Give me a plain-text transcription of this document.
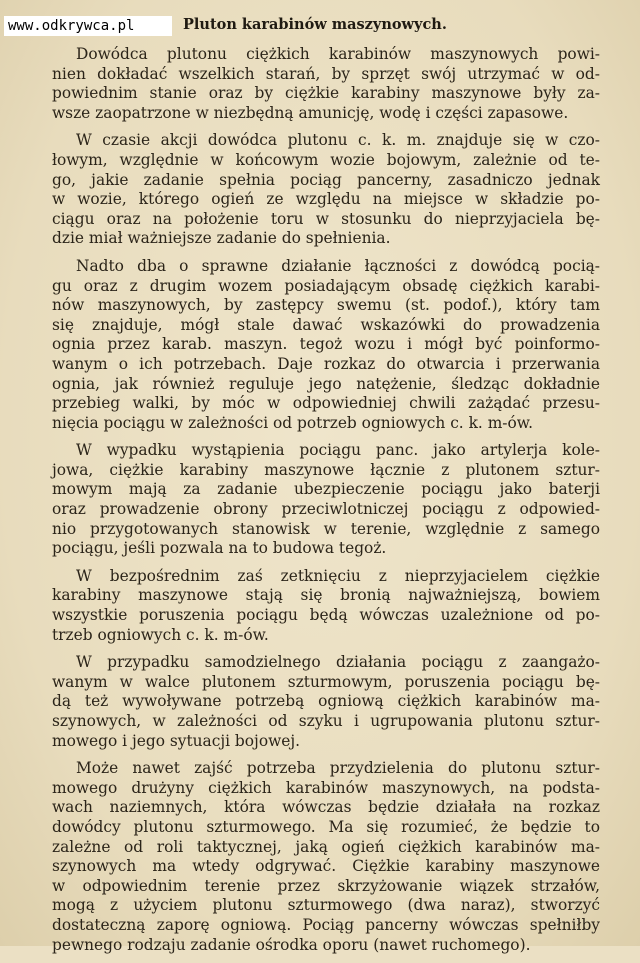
www.odkrywca.pl	Pluton karabinów maszynowych.
Dowódca plutonu ciężkich karabinów maszynowych powi-
nien dokładać wszelkich starań, by sprzęt swój utrzymać w od-
powiednim stanie oraz by ciężkie karabiny maszynowe były za-
wsze zaopatrzone w niezbędną amunicję, wodę i części zapasowe.
W czasie akcji dowódca plutonu c. k. m. znajduje się w czo-
łowym, względnie w końcowym wozie bojowym, zależnie od te-
go, jakie zadanie spełnia pociąg pancerny, zasadniczo jednak
w wozie, którego ogień ze względu na miejsce w składzie po-
ciągu oraz na położenie toru w stosunku do nieprzyjaciela bę-
dzie miał ważniejsze zadanie do spełnienia.
Nadto dba o sprawne działanie łączności z dowódcą pocią-
gu oraz z drugim wozem posiadającym obsadę ciężkich karabi-
nów maszynowych, by zastępcy swemu (st. podof.), który tam
się znajduje, mógł stale dawać wskazówki do prowadzenia
ognia przez karab. maszyn. tegoż wozu i mógł być poinformo-
wanym o ich potrzebach. Daje rozkaz do otwarcia i przerwania
ognia, jak również reguluje jego natężenie, śledząc dokładnie
przebieg walki, by móc w odpowiedniej chwili zażądać przesu-
nięcia pociągu w zależności od potrzeb ogniowych c. k. m-ów.
W wypadku wystąpienia pociągu panc. jako artylerja kole-
jowa, ciężkie karabiny maszynowe łącznie z plutonem sztur-
mowym mają za zadanie ubezpieczenie pociągu jako baterji
oraz prowadzenie obrony przeciwlotniczej pociągu z odpowied-
nio przygotowanych stanowisk w terenie, względnie z samego
pociągu, jeśli pozwala na to budowa tegoż.
W bezpośrednim zaś zetknięciu z nieprzyjacielem ciężkie
karabiny maszynowe stają się bronią najważniejszą, bowiem
wszystkie poruszenia pociągu będą wówczas uzależnione od po-
trzeb ogniowych c. k. m-ów.
W przypadku samodzielnego działania pociągu z zaangażo-
wanym w walce plutonem szturmowym, poruszenia pociągu bę-
dą też wywoływane potrzebą ogniową ciężkich karabinów ma-
szynowych, w zależności od szyku i ugrupowania plutonu sztur-
mowego i jego sytuacji bojowej.
Może nawet zajść potrzeba przydzielenia do plutonu sztur-
mowego drużyny ciężkich karabinów maszynowych, na podsta-
wach naziemnych, która wówczas będzie działała na rozkaz
dowódcy plutonu szturmowego. Ma się rozumieć, że będzie to
zależne od roli taktycznej, jaką ogień ciężkich karabinów ma-
szynowych ma wtedy odgrywać. Ciężkie karabiny maszynowe
w odpowiednim terenie przez skrzyżowanie wiązek strzałów,
mogą z użyciem plutonu szturmowego (dwa naraz), stworzyć
dostateczną zaporę ogniową. Pociąg pancerny wówczas spełniłby
pewnego rodzaju zadanie ośrodka oporu (nawet ruchomego).
